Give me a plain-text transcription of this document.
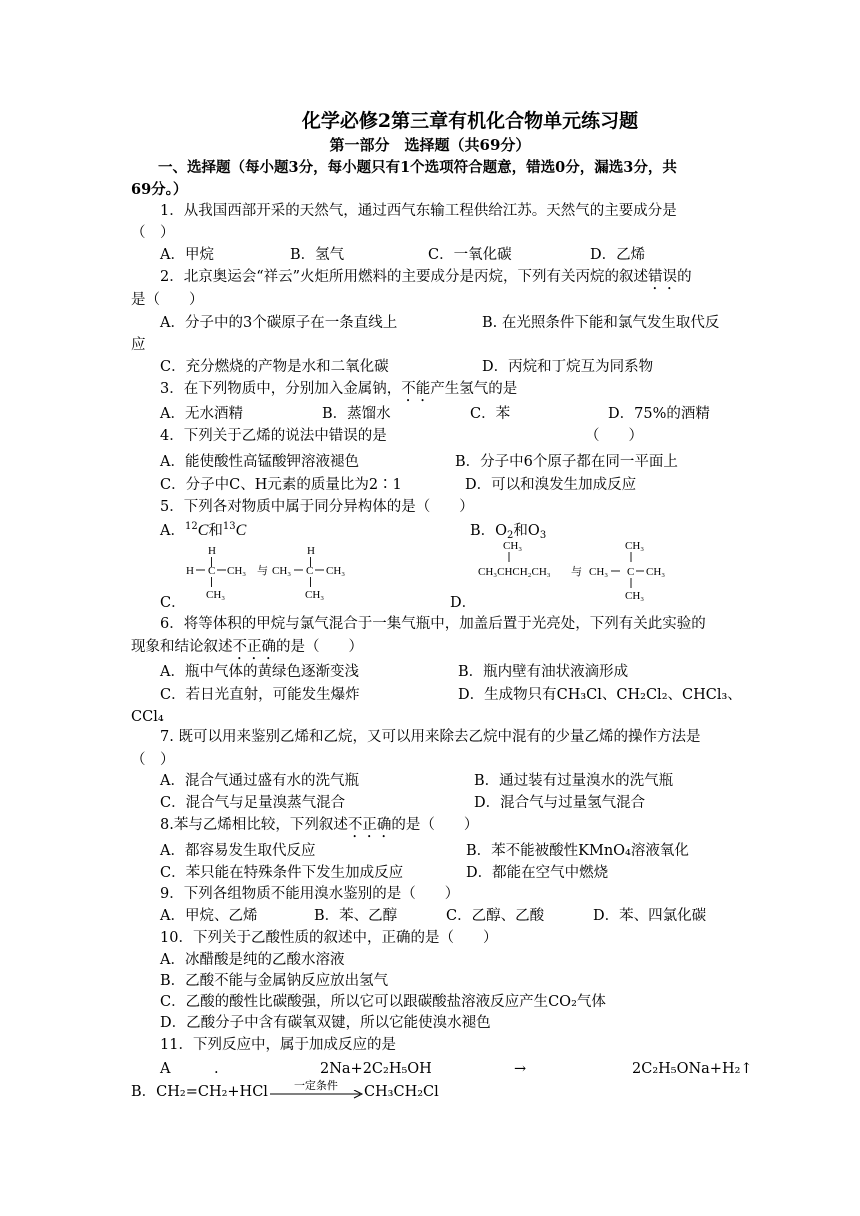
化学必修2第三章有机化合物单元练习题
第一部分　选择题（共69分）
一、选择题（每小题3分，每小题只有1个选项符合题意，错选0分，漏选3分，共
69分。）
1．从我国西部开采的天然气，通过西气东输工程供给江苏。天然气的主要成分是
（　）
A．甲烷	B．氢气	C．一氧化碳	D．乙烯
2．北京奥运会“祥云”火炬所用燃料的主要成分是丙烷，下列有关丙烷的叙述错误的
是（　　）
A．分子中的3个碳原子在一条直线上	B. 在光照条件下能和氯气发生取代反
应
C．充分燃烧的产物是水和二氧化碳	D．丙烷和丁烷互为同系物
3．在下列物质中，分别加入金属钠，不能产生氢气的是
A．无水酒精	B．蒸馏水	C．苯	D．75%的酒精
4．下列关于乙烯的说法中错误的是	（　　）
A．能使酸性高锰酸钾溶液褪色	B．分子中6个原子都在同一平面上
C．分子中C、H元素的质量比为2∶1	D．可以和溴发生加成反应
5．下列各对物质中属于同分异构体的是（　　）
A．$^{12}$C和$^{13}$C	B．$O_2$和$O_3$
H
H C CH₃
CH₃
与 CH₃
H
C CH₃
CH₃
CH₃
CH₃CHCH₂CH₃ 与 CH₃
CH₃
C CH₃
CH₃
C．	D．
6．将等体积的甲烷与氯气混合于一集气瓶中，加盖后置于光亮处，下列有关此实验的
现象和结论叙述不正确的是（　　）
A．瓶中气体的黄绿色逐渐变浅	B．瓶内壁有油状液滴形成
C．若日光直射，可能发生爆炸	D．生成物只有CH₃Cl、CH₂Cl₂、CHCl₃、
CCl₄
7. 既可以用来鉴别乙烯和乙烷，又可以用来除去乙烷中混有的少量乙烯的操作方法是
（　）
A．混合气通过盛有水的洗气瓶	B．通过装有过量溴水的洗气瓶
C．混合气与足量溴蒸气混合	D．混合气与过量氢气混合
8.苯与乙烯相比较，下列叙述不正确的是（　　）
A．都容易发生取代反应	B．苯不能被酸性KMnO₄溶液氧化
C．苯只能在特殊条件下发生加成反应	D．都能在空气中燃烧
9．下列各组物质不能用溴水鉴别的是（　　）
A．甲烷、乙烯	B．苯、乙醇	C．乙醇、乙酸	D．苯、四氯化碳
10．下列关于乙酸性质的叙述中，正确的是（　　）
A．冰醋酸是纯的乙酸水溶液
B．乙酸不能与金属钠反应放出氢气
C．乙酸的酸性比碳酸强，所以它可以跟碳酸盐溶液反应产生CO₂气体
D．乙酸分子中含有碳氧双键，所以它能使溴水褪色
11．下列反应中，属于加成反应的是
A	.	2Na+2C₂H₅OH	→	2C₂H₅ONa+H₂↑
B．CH₂=CH₂+HCl	一定条件	CH₃CH₂Cl
